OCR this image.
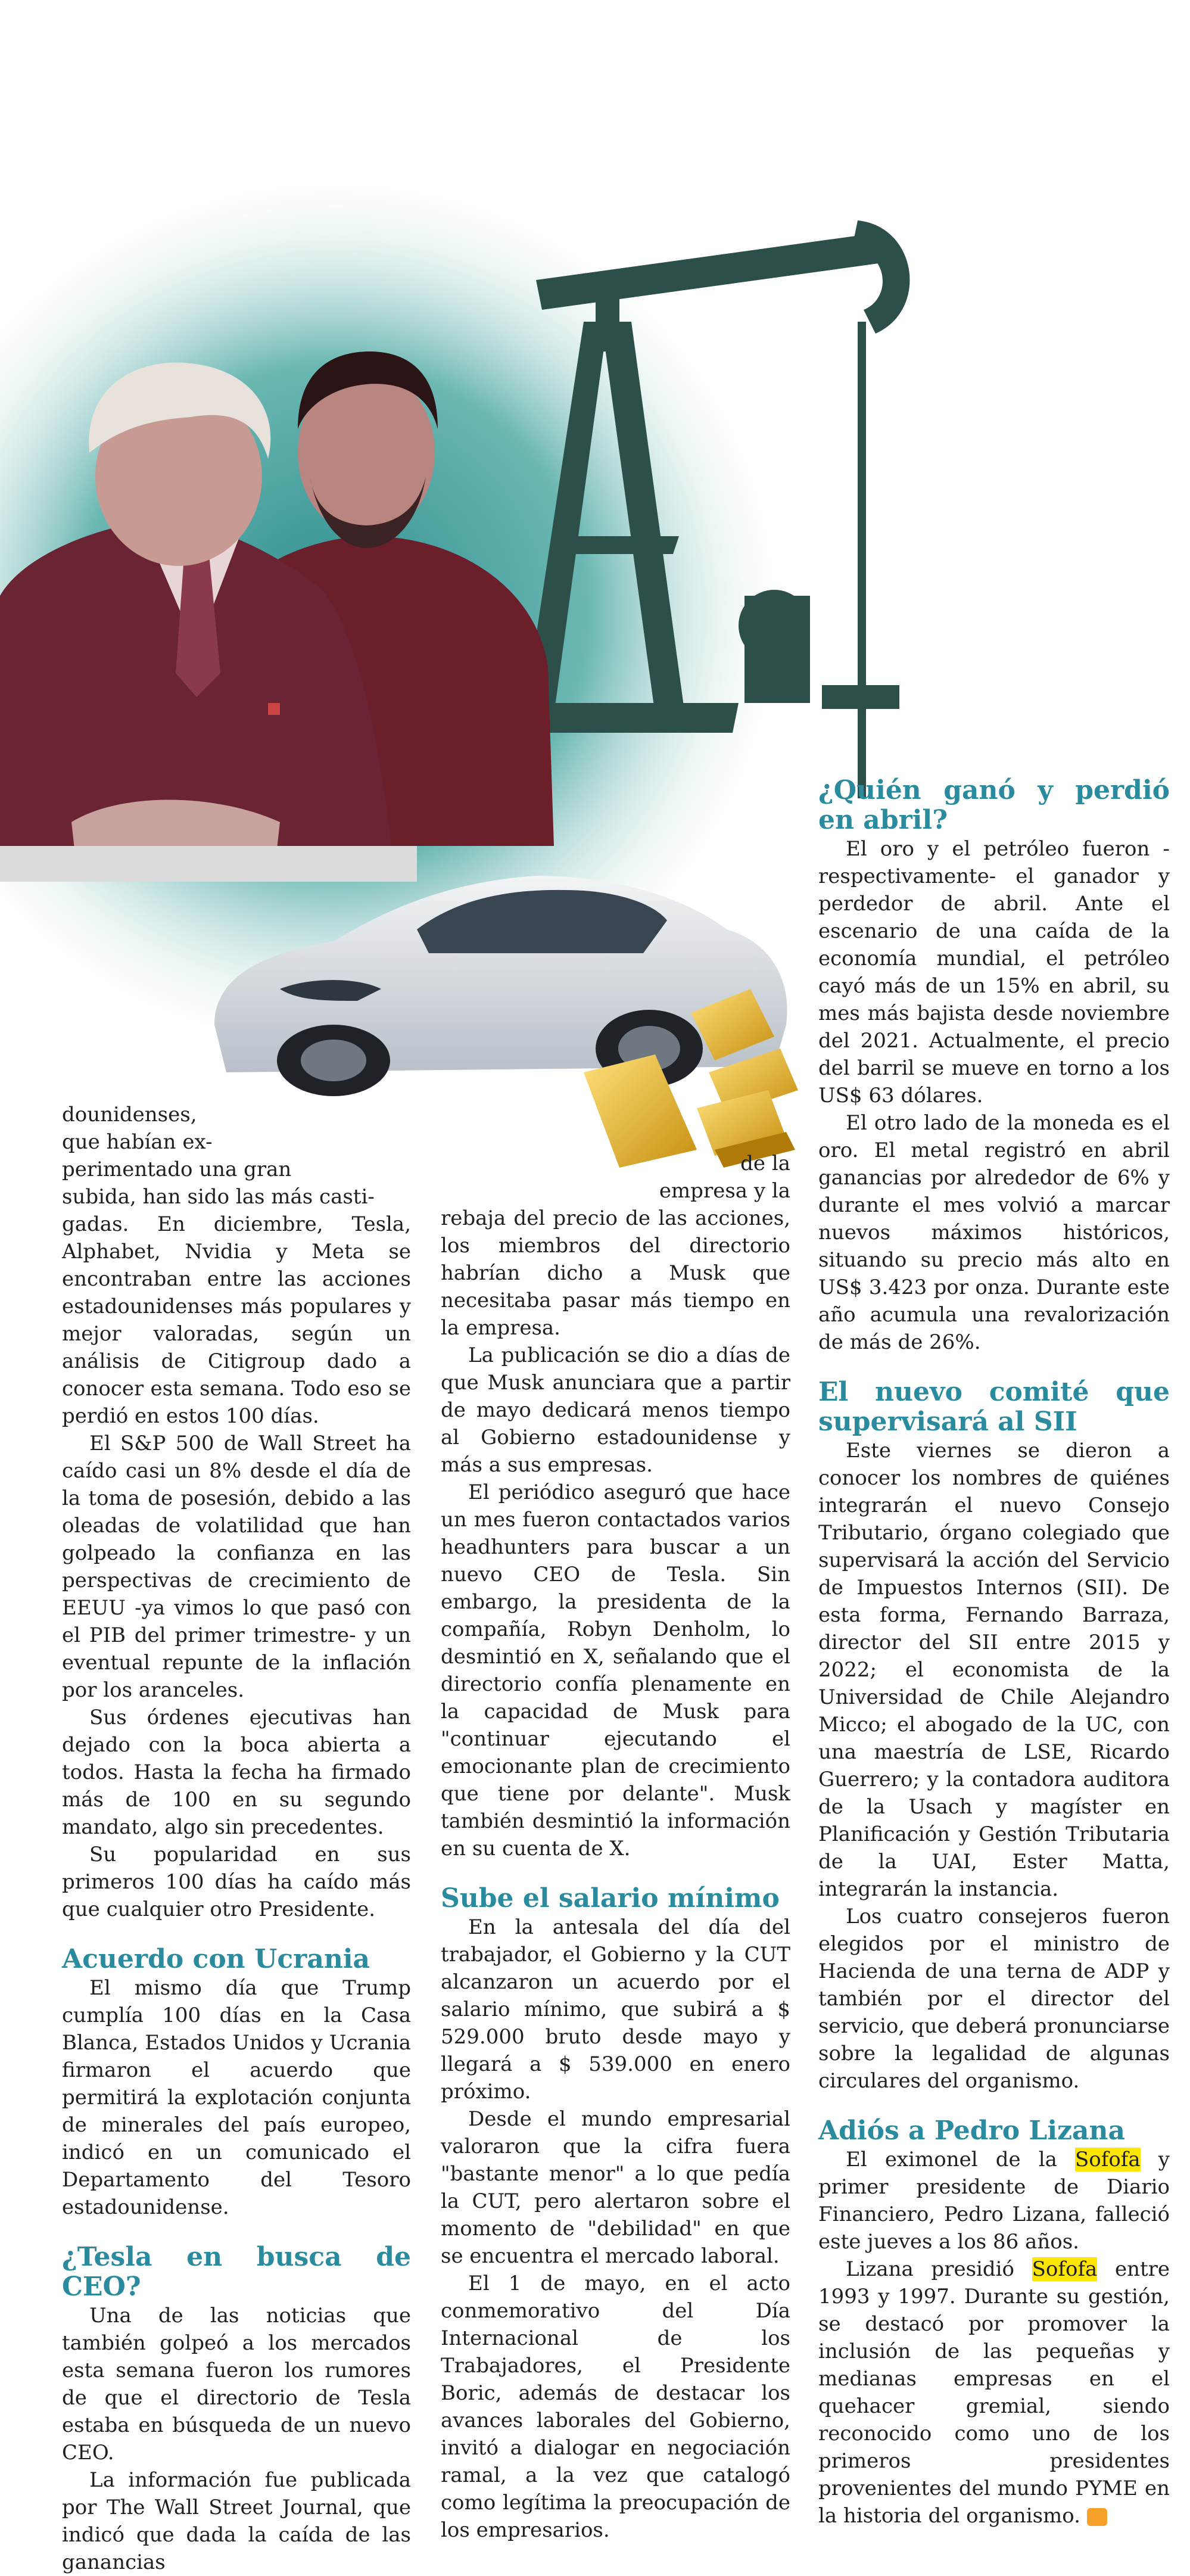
dounidenses,
que habían ex-
perimentado una gran
subida, han sido las más casti-

gadas. En diciembre, Tesla, Alphabet, Nvidia y Meta se encontraban entre las acciones estadounidenses más populares y mejor valoradas, según un análisis de Citigroup dado a conocer esta semana. Todo eso se perdió en estos 100 días.

El S&P 500 de Wall Street ha caído casi un 8% desde el día de la toma de posesión, debido a las oleadas de volatilidad que han golpeado la confianza en las perspectivas de crecimiento de EEUU -ya vimos lo que pasó con el PIB del primer trimestre- y un eventual repunte de la inflación por los aranceles.

Sus órdenes ejecutivas han dejado con la boca abierta a todos. Hasta la fecha ha firmado más de 100 en su segundo mandato, algo sin precedentes.

Su popularidad en sus primeros 100 días ha caído más que cualquier otro Presidente.

Acuerdo con Ucrania

El mismo día que Trump cumplía 100 días en la Casa Blanca, Estados Unidos y Ucrania firmaron el acuerdo que permitirá la explotación conjunta de minerales del país europeo, indicó en un comunicado el Departamento del Tesoro estadounidense.

¿Tesla en busca de CEO?

Una de las noticias que también golpeó a los mercados esta semana fueron los rumores de que el directorio de Tesla estaba en búsqueda de un nuevo CEO.

La información fue publicada por The Wall Street Journal, que indicó que dada la caída de las ganancias

de la
empresa y la

rebaja del precio de las acciones, los miembros del directorio habrían dicho a Musk que necesitaba pasar más tiempo en la empresa.

La publicación se dio a días de que Musk anunciara que a partir de mayo dedicará menos tiempo al Gobierno estadounidense y más a sus empresas.

El periódico aseguró que hace un mes fueron contactados varios headhunters para buscar a un nuevo CEO de Tesla. Sin embargo, la presidenta de la compañía, Robyn Denholm, lo desmintió en X, señalando que el directorio confía plenamente en la capacidad de Musk para "continuar ejecutando el emocionante plan de crecimiento que tiene por delante". Musk también desmintió la información en su cuenta de X.

Sube el salario mínimo

En la antesala del día del trabajador, el Gobierno y la CUT alcanzaron un acuerdo por el salario mínimo, que subirá a $ 529.000 bruto desde mayo y llegará a $ 539.000 en enero próximo.

Desde el mundo empresarial valoraron que la cifra fuera "bastante menor" a lo que pedía la CUT, pero alertaron sobre el momento de "debilidad" en que se encuentra el mercado laboral.

El 1 de mayo, en el acto conmemorativo del Día Internacional de los Trabajadores, el Presidente Boric, además de destacar los avances laborales del Gobierno, invitó a dialogar en negociación ramal, a la vez que catalogó como legítima la preocupación de los empresarios.

¿Quién ganó y perdió en abril?

El oro y el petróleo fueron -respectivamente- el ganador y perdedor de abril. Ante el escenario de una caída de la economía mundial, el petróleo cayó más de un 15% en abril, su mes más bajista desde noviembre del 2021. Actualmente, el precio del barril se mueve en torno a los US$ 63 dólares.

El otro lado de la moneda es el oro. El metal registró en abril ganancias por alrededor de 6% y durante el mes volvió a marcar nuevos máximos históricos, situando su precio más alto en US$ 3.423 por onza. Durante este año acumula una revalorización de más de 26%.

El nuevo comité que supervisará al SII

Este viernes se dieron a conocer los nombres de quiénes integrarán el nuevo Consejo Tributario, órgano colegiado que supervisará la acción del Servicio de Impuestos Internos (SII). De esta forma, Fernando Barraza, director del SII entre 2015 y 2022; el economista de la Universidad de Chile Alejandro Micco; el abogado de la UC, con una maestría de LSE, Ricardo Guerrero; y la contadora auditora de la Usach y magíster en Planificación y Gestión Tributaria de la UAI, Ester Matta, integrarán la instancia.

Los cuatro consejeros fueron elegidos por el ministro de Hacienda de una terna de ADP y también por el director del servicio, que deberá pronunciarse sobre la legalidad de algunas circulares del organismo.

Adiós a Pedro Lizana

El eximonel de la Sofofa y primer presidente de Diario Financiero, Pedro Lizana, falleció este jueves a los 86 años.

Lizana presidió Sofofa entre 1993 y 1997. Durante su gestión, se destacó por promover la inclusión de las pequeñas y medianas empresas en el quehacer gremial, siendo reconocido como uno de los primeros presidentes provenientes del mundo PYME en la historia del organismo.	S
